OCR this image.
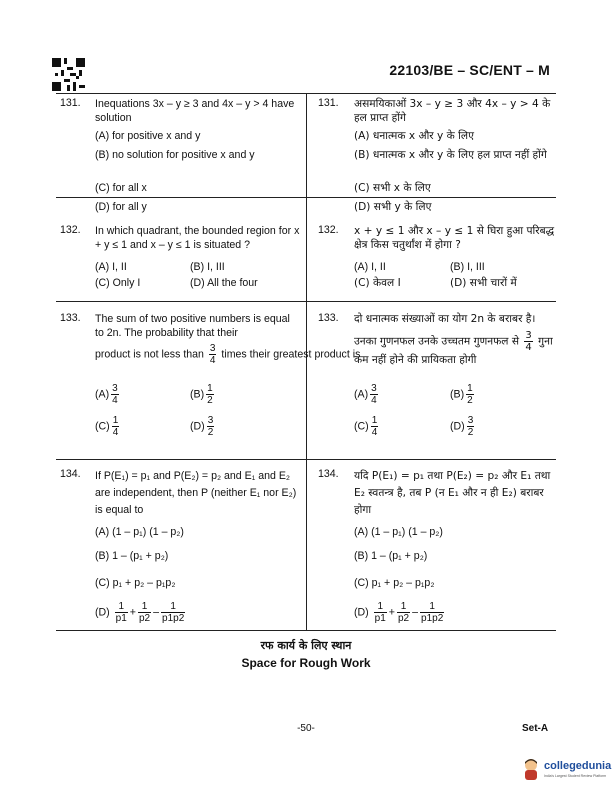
22103/BE – SC/ENT – M
131. Inequations 3x – y ≥ 3 and 4x – y > 4 have solution
(A) for positive x and y
(B) no solution for positive x and y
(C) for all x
(D) for all y
131. असमयिकाओं 3x – y ≥ 3 और 4x – y > 4 के हल प्राप्त होंगे
(A) धनात्मक x और y के लिए
(B) धनात्मक x और y के लिए हल प्राप्त नहीं होंगे
(C) सभी x के लिए
(D) सभी y के लिए
132. In which quadrant, the bounded region for x + y ≤ 1 and x – y ≤ 1 is situated ?
(A) I, II	(B) I, III
(C) Only I	(D) All the four
132. x + y ≤ 1 और x – y ≤ 1 से घिरा हुआ परिबद्ध क्षेत्र किस चतुर्थांश में होगा ?
(A) I, II	(B) I, III
(C) केवल I	(D) सभी चारों में
133. The sum of two positive numbers is equal to 2n. The probability that their
product is not less than $\frac{3}{4}$ times their greatest product is
$(A) \frac{3}{4}$	$(B) \frac{1}{2}$
$(C) \frac{1}{4}$	$(D) \frac{3}{2}$
133. दो धनात्मक संख्याओं का योग 2n के बराबर है।
उनका गुणनफल उनके उच्चतम गुणनफल से $\frac{3}{4}$ गुना
कम नहीं होने की प्रायिकता होगी
$(A) \frac{3}{4}$	$(B) \frac{1}{2}$
$(C) \frac{1}{4}$	$(D) \frac{3}{2}$
134. If P(E₁) = p₁ and P(E₂) = p₂ and E₁ and E₂ are independent, then P (neither E₁ nor E₂) is equal to
(A) (1 – p₁) (1 – p₂)
(B) 1 – (p₁ + p₂)
(C) p₁ + p₂ – p₁p₂
$(D) \frac{1}{p1} + \frac{1}{p2} - \frac{1}{p1p2}$
134. यदि P(E₁) = p₁ तथा P(E₂) = p₂ और E₁ तथा E₂ स्वतन्त्र है, तब P (न E₁ और न ही E₂) बराबर होगा
(A) (1 – p₁) (1 – p₂)
(B) 1 – (p₁ + p₂)
(C) p₁ + p₂ – p₁p₂
$(D) \frac{1}{p1} + \frac{1}{p2} - \frac{1}{p1p2}$
रफ कार्य के लिए स्थान
Space for Rough Work
-50-	Set-A
collegedunia
India's Largest Student Review Platform
